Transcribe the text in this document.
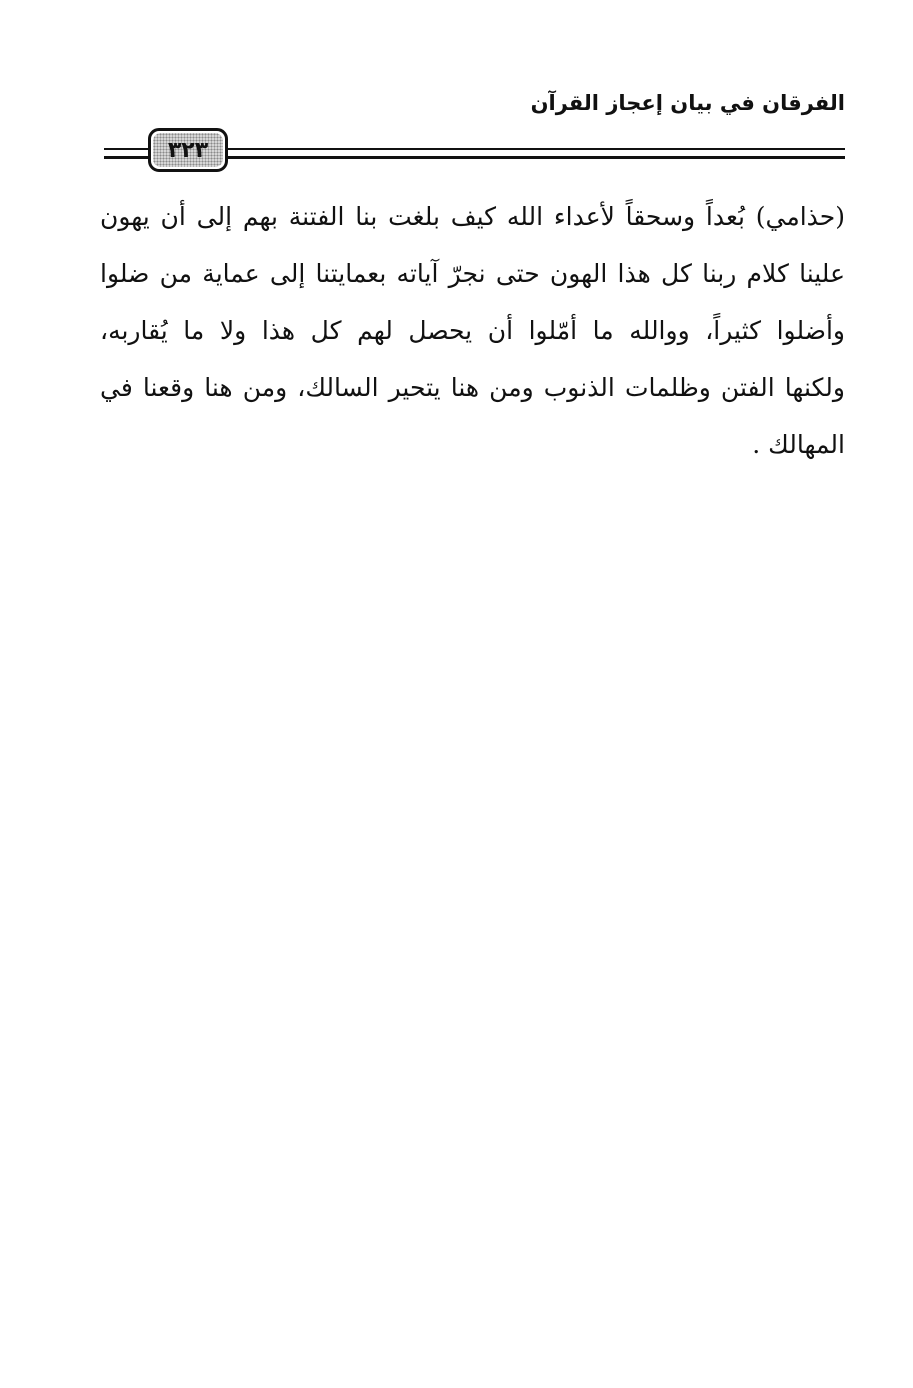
الفرقان في بيان إعجاز القرآن
٣٢٣
(حذامي) بُعداً وسحقاً لأعداء الله كيف بلغت بنا الفتنة بهم إلى أن يهون
علينا كلام ربنا كل هذا الهون حتى نجرّ آياته بعمايتنا إلى عماية من ضلوا
وأضلوا كثيراً، ووالله ما أمّلوا أن يحصل لهم كل هذا ولا ما يُقاربه،
ولكنها الفتن وظلمات الذنوب ومن هنا يتحير السالك، ومن هنا وقعنا في
المهالك .
